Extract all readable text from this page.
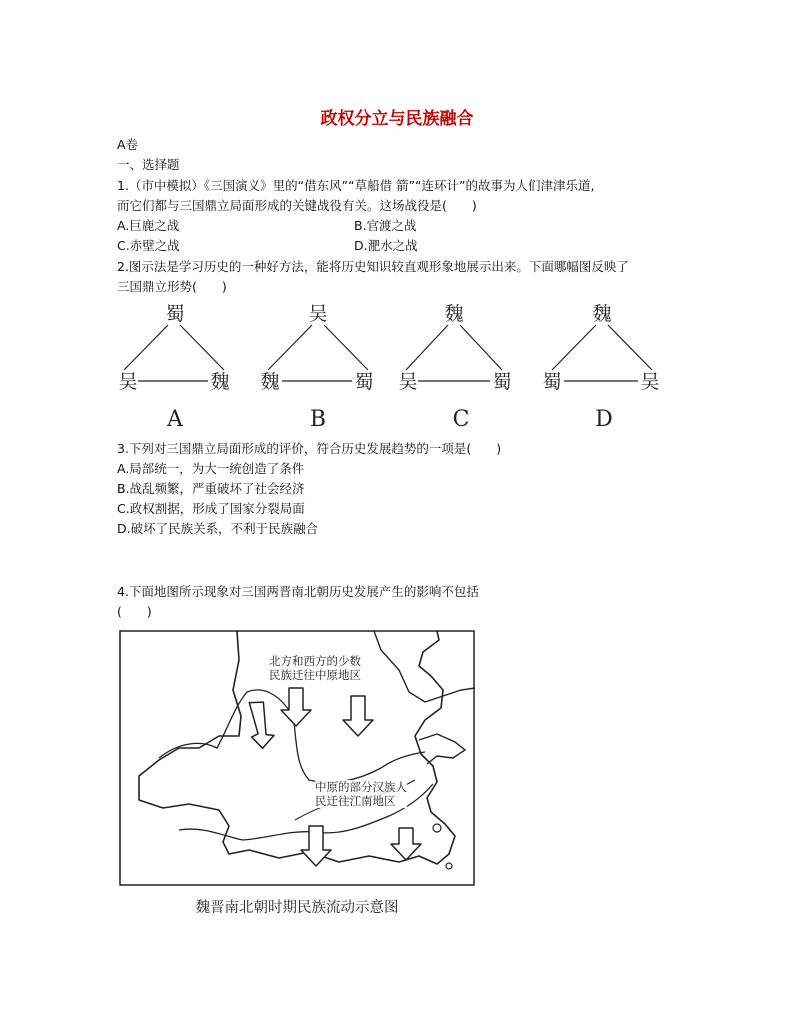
政权分立与民族融合
A卷
一、选择题
1.（市中模拟）《三国演义》里的“借东风”“草船借 箭”“连环计”的故事为人们津津乐道,
而它们都与三国鼎立局面形成的关键战役有关。这场战役是(　　)
A.巨鹿之战	B.官渡之战
C.赤壁之战	D.淝水之战
2.图示法是学习历史的一种好方法，能将历史知识较直观形象地展示出来。下面哪幅图反映了
三国鼎立形势(　　)
蜀
吴	魏
A
吴
魏	蜀
B
魏
吴	蜀
C
魏
蜀	吴
D
3.下列对三国鼎立局面形成的评价，符合历史发展趋势的一项是(　　)
A.局部统一，为大一统创造了条件
B.战乱频繁，严重破坏了社会经济
C.政权割据，形成了国家分裂局面
D.破坏了民族关系，不利于民族融合
4.下面地图所示现象对三国两晋南北朝历史发展产生的影响不包括
(　　)
北方和西方的少数
民族迁往中原地区
中原的部分汉族人
民迁往江南地区
魏晋南北朝时期民族流动示意图
